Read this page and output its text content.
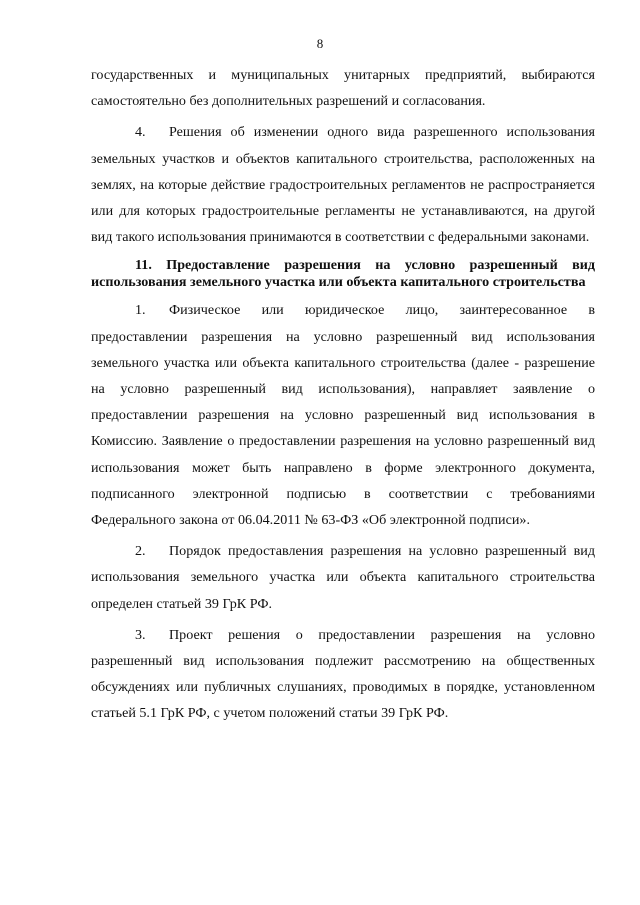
8

государственных и муниципальных унитарных предприятий, выбираются самостоятельно без дополнительных разрешений и согласования.

4. Решения об изменении одного вида разрешенного использования земельных участков и объектов капитального строительства, расположенных на землях, на которые действие градостроительных регламентов не распространяется или для которых градостроительные регламенты не устанавливаются, на другой вид такого использования принимаются в соответствии с федеральными законами.

11. Предоставление разрешения на условно разрешенный вид использования земельного участка или объекта капитального строительства

1. Физическое или юридическое лицо, заинтересованное в предоставлении разрешения на условно разрешенный вид использования земельного участка или объекта капитального строительства (далее - разрешение на условно разрешенный вид использования), направляет заявление о предоставлении разрешения на условно разрешенный вид использования в Комиссию. Заявление о предоставлении разрешения на условно разрешенный вид использования может быть направлено в форме электронного документа, подписанного электронной подписью в соответствии с требованиями Федерального закона от 06.04.2011 № 63-ФЗ «Об электронной подписи».

2. Порядок предоставления разрешения на условно разрешенный вид использования земельного участка или объекта капитального строительства определен статьей 39 ГрК РФ.

3. Проект решения о предоставлении разрешения на условно разрешенный вид использования подлежит рассмотрению на общественных обсуждениях или публичных слушаниях, проводимых в порядке, установленном статьей 5.1 ГрК РФ, с учетом положений статьи 39 ГрК РФ.
